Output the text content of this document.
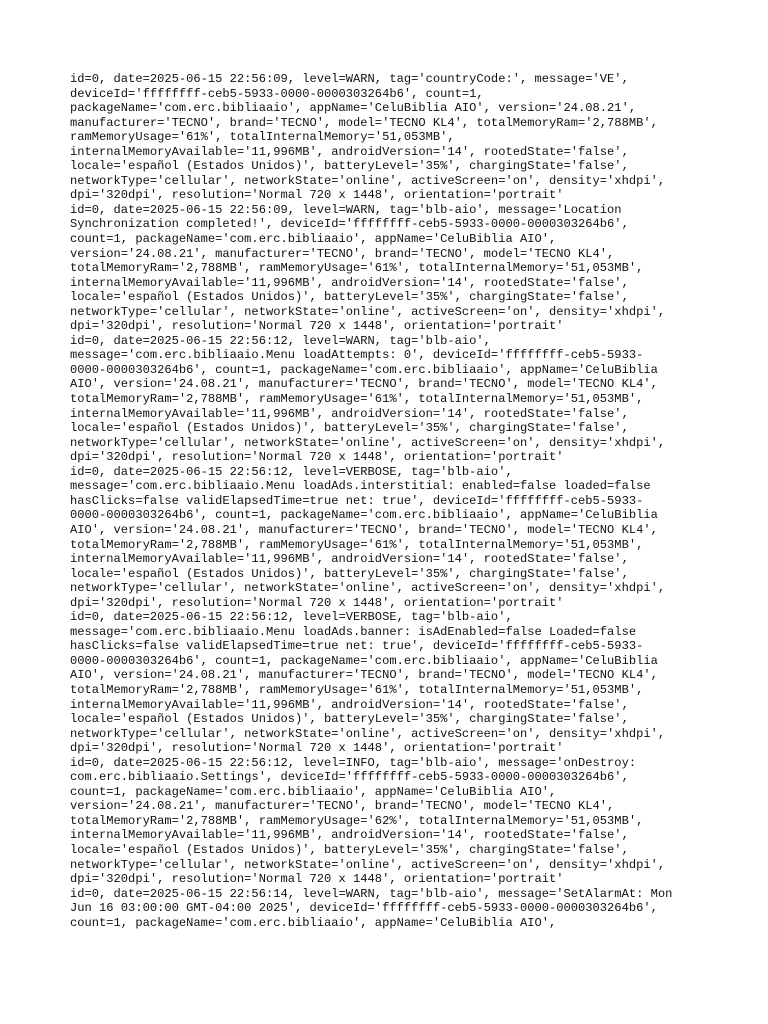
id=0, date=2025-06-15 22:56:09, level=WARN, tag='countryCode:', message='VE',
deviceId='ffffffff-ceb5-5933-0000-0000303264b6', count=1,
packageName='com.erc.bibliaaio', appName='CeluBiblia AIO', version='24.08.21',
manufacturer='TECNO', brand='TECNO', model='TECNO KL4', totalMemoryRam='2,788MB',
ramMemoryUsage='61%', totalInternalMemory='51,053MB',
internalMemoryAvailable='11,996MB', androidVersion='14', rootedState='false',
locale='español (Estados Unidos)', batteryLevel='35%', chargingState='false',
networkType='cellular', networkState='online', activeScreen='on', density='xhdpi',
dpi='320dpi', resolution='Normal 720 x 1448', orientation='portrait'
id=0, date=2025-06-15 22:56:09, level=WARN, tag='blb-aio', message='Location
Synchronization completed!', deviceId='ffffffff-ceb5-5933-0000-0000303264b6',
count=1, packageName='com.erc.bibliaaio', appName='CeluBiblia AIO',
version='24.08.21', manufacturer='TECNO', brand='TECNO', model='TECNO KL4',
totalMemoryRam='2,788MB', ramMemoryUsage='61%', totalInternalMemory='51,053MB',
internalMemoryAvailable='11,996MB', androidVersion='14', rootedState='false',
locale='español (Estados Unidos)', batteryLevel='35%', chargingState='false',
networkType='cellular', networkState='online', activeScreen='on', density='xhdpi',
dpi='320dpi', resolution='Normal 720 x 1448', orientation='portrait'
id=0, date=2025-06-15 22:56:12, level=WARN, tag='blb-aio',
message='com.erc.bibliaaio.Menu loadAttempts: 0', deviceId='ffffffff-ceb5-5933-
0000-0000303264b6', count=1, packageName='com.erc.bibliaaio', appName='CeluBiblia
AIO', version='24.08.21', manufacturer='TECNO', brand='TECNO', model='TECNO KL4',
totalMemoryRam='2,788MB', ramMemoryUsage='61%', totalInternalMemory='51,053MB',
internalMemoryAvailable='11,996MB', androidVersion='14', rootedState='false',
locale='español (Estados Unidos)', batteryLevel='35%', chargingState='false',
networkType='cellular', networkState='online', activeScreen='on', density='xhdpi',
dpi='320dpi', resolution='Normal 720 x 1448', orientation='portrait'
id=0, date=2025-06-15 22:56:12, level=VERBOSE, tag='blb-aio',
message='com.erc.bibliaaio.Menu loadAds.interstitial: enabled=false loaded=false
hasClicks=false validElapsedTime=true net: true', deviceId='ffffffff-ceb5-5933-
0000-0000303264b6', count=1, packageName='com.erc.bibliaaio', appName='CeluBiblia
AIO', version='24.08.21', manufacturer='TECNO', brand='TECNO', model='TECNO KL4',
totalMemoryRam='2,788MB', ramMemoryUsage='61%', totalInternalMemory='51,053MB',
internalMemoryAvailable='11,996MB', androidVersion='14', rootedState='false',
locale='español (Estados Unidos)', batteryLevel='35%', chargingState='false',
networkType='cellular', networkState='online', activeScreen='on', density='xhdpi',
dpi='320dpi', resolution='Normal 720 x 1448', orientation='portrait'
id=0, date=2025-06-15 22:56:12, level=VERBOSE, tag='blb-aio',
message='com.erc.bibliaaio.Menu loadAds.banner: isAdEnabled=false Loaded=false
hasClicks=false validElapsedTime=true net: true', deviceId='ffffffff-ceb5-5933-
0000-0000303264b6', count=1, packageName='com.erc.bibliaaio', appName='CeluBiblia
AIO', version='24.08.21', manufacturer='TECNO', brand='TECNO', model='TECNO KL4',
totalMemoryRam='2,788MB', ramMemoryUsage='61%', totalInternalMemory='51,053MB',
internalMemoryAvailable='11,996MB', androidVersion='14', rootedState='false',
locale='español (Estados Unidos)', batteryLevel='35%', chargingState='false',
networkType='cellular', networkState='online', activeScreen='on', density='xhdpi',
dpi='320dpi', resolution='Normal 720 x 1448', orientation='portrait'
id=0, date=2025-06-15 22:56:12, level=INFO, tag='blb-aio', message='onDestroy:
com.erc.bibliaaio.Settings', deviceId='ffffffff-ceb5-5933-0000-0000303264b6',
count=1, packageName='com.erc.bibliaaio', appName='CeluBiblia AIO',
version='24.08.21', manufacturer='TECNO', brand='TECNO', model='TECNO KL4',
totalMemoryRam='2,788MB', ramMemoryUsage='62%', totalInternalMemory='51,053MB',
internalMemoryAvailable='11,996MB', androidVersion='14', rootedState='false',
locale='español (Estados Unidos)', batteryLevel='35%', chargingState='false',
networkType='cellular', networkState='online', activeScreen='on', density='xhdpi',
dpi='320dpi', resolution='Normal 720 x 1448', orientation='portrait'
id=0, date=2025-06-15 22:56:14, level=WARN, tag='blb-aio', message='SetAlarmAt: Mon
Jun 16 03:00:00 GMT-04:00 2025', deviceId='ffffffff-ceb5-5933-0000-0000303264b6',
count=1, packageName='com.erc.bibliaaio', appName='CeluBiblia AIO',
